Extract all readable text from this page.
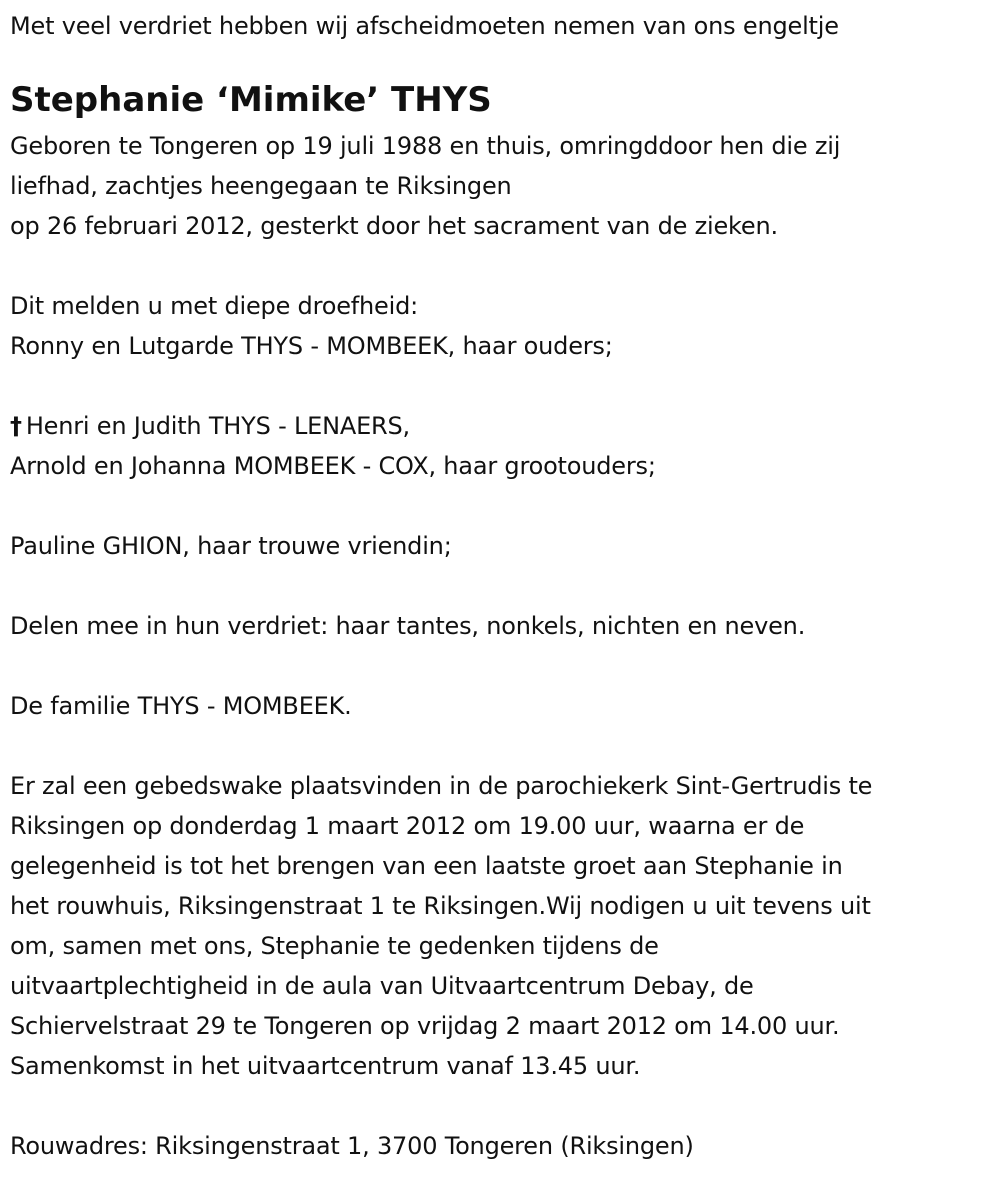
Met veel verdriet hebben wij afscheidmoeten nemen van ons engeltje
Stephanie ‘Mimike’ THYS
Geboren te Tongeren op 19 juli 1988 en thuis, omringddoor hen die zij
liefhad, zachtjes heengegaan te Riksingen
op 26 februari 2012, gesterkt door het sacrament van de zieken.
Dit melden u met diepe droefheid:
Ronny en Lutgarde THYS - MOMBEEK, haar ouders;
† Henri en Judith THYS - LENAERS,
Arnold en Johanna MOMBEEK - COX, haar grootouders;
Pauline GHION, haar trouwe vriendin;
Delen mee in hun verdriet: haar tantes, nonkels, nichten en neven.
De familie THYS - MOMBEEK.
Er zal een gebedswake plaatsvinden in de parochiekerk Sint-Gertrudis te
Riksingen op donderdag 1 maart 2012 om 19.00 uur, waarna er de
gelegenheid is tot het brengen van een laatste groet aan Stephanie in
het rouwhuis, Riksingenstraat 1 te Riksingen.Wij nodigen u uit tevens uit
om, samen met ons, Stephanie te gedenken tijdens de
uitvaartplechtigheid in de aula van Uitvaartcentrum Debay, de
Schiervelstraat 29 te Tongeren op vrijdag 2 maart 2012 om 14.00 uur.
Samenkomst in het uitvaartcentrum vanaf 13.45 uur.
Rouwadres: Riksingenstraat 1, 3700 Tongeren (Riksingen)
